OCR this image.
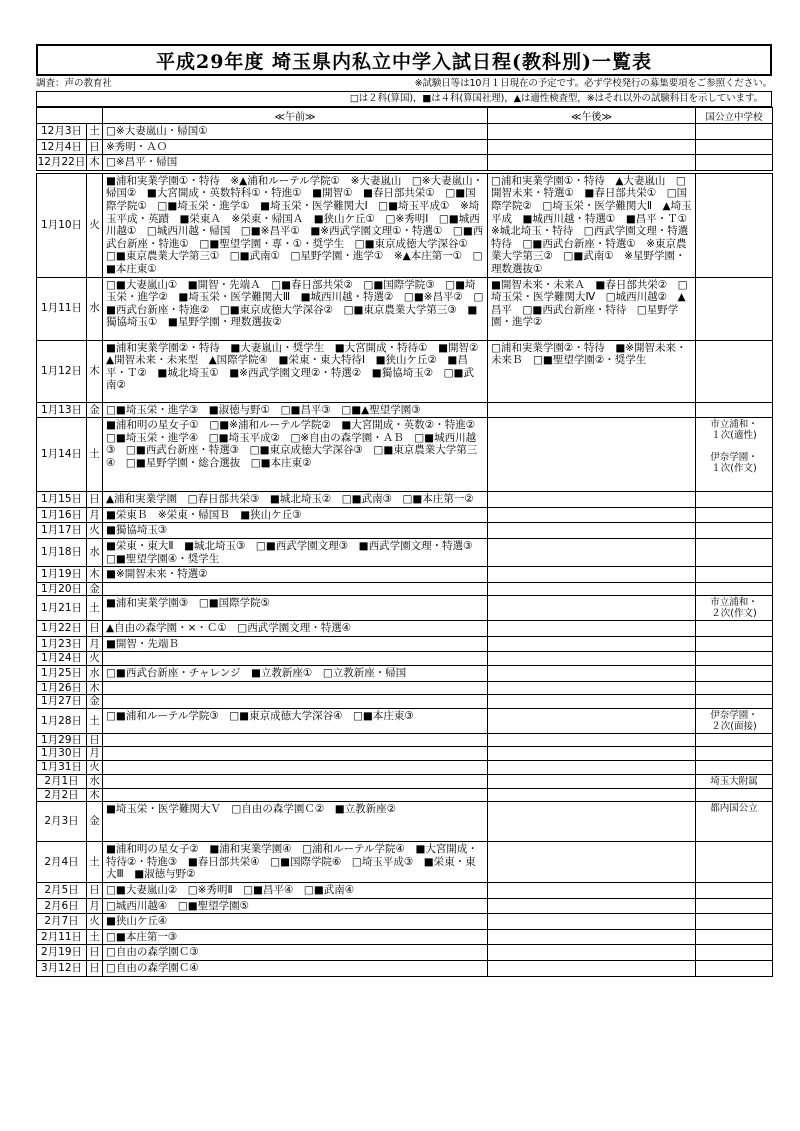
平成29年度 埼玉県内私立中学入試日程(教科別)一覧表
調査：声の教育社	※試験日等は10月１日現在の予定です。必ず学校発行の募集要項をご参照ください。
□は２科(算国)，■は４科(算国社理)，▲は適性検査型，※はそれ以外の試験科目を示しています。
		≪午前≫	≪午後≫	国公立中学校
12月3日	土	□※大妻嵐山・帰国①		
12月4日	日	※秀明・ＡＯ		
12月22日	木	□※昌平・帰国		

1月10日	火	■浦和実業学園①・特待　※▲浦和ルーテル学院①　※大妻嵐山　□※大妻嵐山・帰国②　■大宮開成・英数特科①・特進①　■開智①　■春日部共栄①　□■国際学院①　□■埼玉栄・進学①　■埼玉栄・医学難関大Ⅰ　□■埼玉平成①　※埼玉平成・英蹟　■栄東Ａ　※栄東・帰国Ａ　■狭山ケ丘①　□※秀明Ⅰ　□■城西川越①　□城西川越・帰国　□■※昌平①　■※西武学園文理①・特選①　□■西武台新座・特進①　□■聖望学園・専・①・奨学生　□■東京成徳大学深谷①　□■東京農業大学第三①　□■武南①　□星野学園・進学①　※▲本庄第一①　□■本庄東①	□浦和実業学園①・特待　▲大妻嵐山　□開智未来・特選①　■春日部共栄①　□国際学院②　□埼玉栄・医学難関大Ⅱ　▲埼玉平成　■城西川越・特選①　■昌平・Ｔ①　※城北埼玉・特待　□西武学園文理・特選特待　□■西武台新座・特選①　※東京農業大学第三②　□■武南①　※星野学園・理数選抜①	
1月11日	水	□■大妻嵐山①　■開智・先端Ａ　□■春日部共栄②　□■国際学院③　□■埼玉栄・進学②　■埼玉栄・医学難関大Ⅲ　■城西川越・特選②　□■※昌平②　□■西武台新座・特進②　□■東京成徳大学深谷②　□■東京農業大学第三③　■獨協埼玉①　■星野学園・理数選抜②	■開智未来・未来Ａ　■春日部共栄②　□埼玉栄・医学難関大Ⅳ　□城西川越②　▲昌平　□■西武台新座・特待　□星野学園・進学②	
1月12日	木	■浦和実業学園②・特待　■大妻嵐山・奨学生　■大宮開成・特待①　■開智②　▲開智未来・未来型　▲国際学院④　■栄東・東大特待Ⅰ　■狭山ケ丘②　■昌平・Ｔ②　■城北埼玉①　■※西武学園文理②・特選②　■獨協埼玉②　□■武南②	□浦和実業学園②・特待　■※開智未来・未来Ｂ　□■聖望学園②・奨学生	
1月13日	金	□■埼玉栄・進学③　■淑徳与野①　□■昌平③　□■▲聖望学園③		
1月14日	土	■浦和明の星女子①　□■※浦和ルーテル学院②　■大宮開成・英数②・特進②　□■埼玉栄・進学④　□■埼玉平成②　□※自由の森学園・ＡＢ　□■城西川越③　□■西武台新座・特選③　□■東京成徳大学深谷③　□■東京農業大学第三④　□■星野学園・総合選抜　□■本庄東②		市立浦和・
１次(適性)

伊奈学園・
１次(作文)
1月15日	日	▲浦和実業学園　□春日部共栄③　■城北埼玉②　□■武南③　□■本庄第一②		
1月16日	月	■栄東Ｂ　※栄東・帰国Ｂ　■狭山ケ丘③		
1月17日	火	■獨協埼玉③		
1月18日	水	■栄東・東大Ⅱ　■城北埼玉③　□■西武学園文理③　■西武学園文理・特選③　□■聖望学園④・奨学生		
1月19日	木	■※開智未来・特選②		
1月20日	金			
1月21日	土	■浦和実業学園③　□■国際学院⑤		市立浦和・
２次(作文)
1月22日	日	▲自由の森学園・×・Ｃ①　□西武学園文理・特選④		
1月23日	月	■開智・先端Ｂ		
1月24日	火			
1月25日	水	□■西武台新座・チャレンジ　■立教新座①　□立教新座・帰国		
1月26日	木			
1月27日	金			
1月28日	土	□■浦和ルーテル学院③　□■東京成徳大学深谷④　□■本庄東③		伊奈学園・
２次(面接)
1月29日	日			
1月30日	月			
1月31日	火			
2月1日	水			埼玉大附属
2月2日	木			
2月3日	金	■埼玉栄・医学難関大Ｖ　□自由の森学園Ｃ②　■立教新座②		都内国公立
2月4日	土	■浦和明の星女子②　■浦和実業学園④　□浦和ルーテル学院④　■大宮開成・特待②・特進③　■春日部共栄④　□■国際学院⑥　□埼玉平成③　■栄東・東大Ⅲ　■淑徳与野②		
2月5日	日	□■大妻嵐山②　□※秀明Ⅱ　□■昌平④　□■武南④		
2月6日	月	□城西川越④　□■聖望学園⑤		
2月7日	火	■狭山ケ丘④		
2月11日	土	□■本庄第一③		
2月19日	日	□自由の森学園Ｃ③		
3月12日	日	□自由の森学園Ｃ④		
